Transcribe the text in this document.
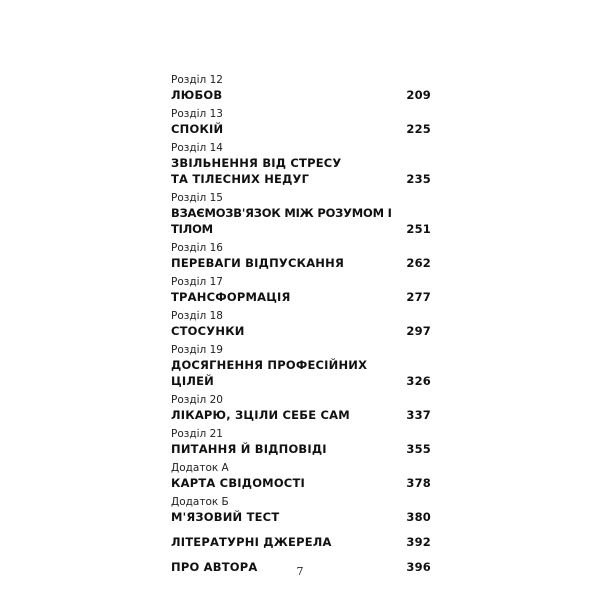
Розділ 12
ЛЮБОВ	209
Розділ 13
СПОКІЙ	225
Розділ 14
ЗВІЛЬНЕННЯ ВІД СТРЕСУ
ТА ТІЛЕСНИХ НЕДУГ	235
Розділ 15
ВЗАЄМОЗВ'ЯЗОК МІЖ РОЗУМОМ І ТІЛОМ	251
Розділ 16
ПЕРЕВАГИ ВІДПУСКАННЯ	262
Розділ 17
ТРАНСФОРМАЦІЯ	277
Розділ 18
СТОСУНКИ	297
Розділ 19
ДОСЯГНЕННЯ ПРОФЕСІЙНИХ ЦІЛЕЙ	326
Розділ 20
ЛІКАРЮ, ЗЦІЛИ СЕБЕ САМ	337
Розділ 21
ПИТАННЯ Й ВІДПОВІДІ	355
Додаток А
КАРТА СВІДОМОСТІ	378
Додаток Б
М'ЯЗОВИЙ ТЕСТ	380
ЛІТЕРАТУРНІ ДЖЕРЕЛА	392
ПРО АВТОРА	396
7
